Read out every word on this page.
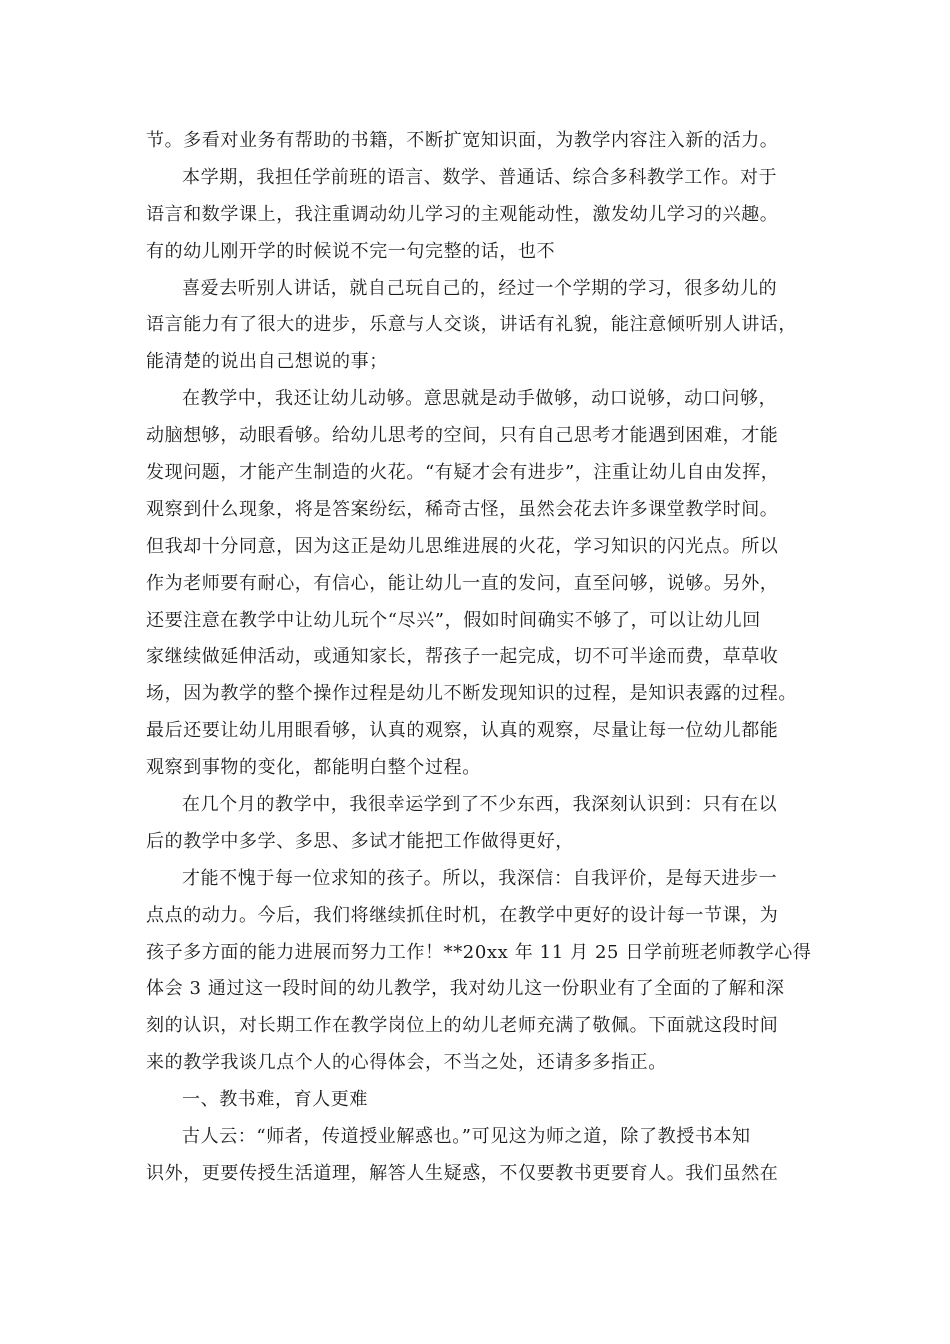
节。多看对业务有帮助的书籍，不断扩宽知识面，为教学内容注入新的活力。
本学期，我担任学前班的语言、数学、普通话、综合多科教学工作。对于
语言和数学课上，我注重调动幼儿学习的主观能动性，激发幼儿学习的兴趣。
有的幼儿刚开学的时候说不完一句完整的话，也不
喜爱去听别人讲话，就自己玩自己的，经过一个学期的学习，很多幼儿的
语言能力有了很大的进步，乐意与人交谈，讲话有礼貌，能注意倾听别人讲话，
能清楚的说出自己想说的事；
在教学中，我还让幼儿动够。意思就是动手做够，动口说够，动口问够，
动脑想够，动眼看够。给幼儿思考的空间，只有自己思考才能遇到困难，才能
发现问题，才能产生制造的火花。“有疑才会有进步”，注重让幼儿自由发挥，
观察到什么现象，将是答案纷纭，稀奇古怪，虽然会花去许多课堂教学时间。
但我却十分同意，因为这正是幼儿思维进展的火花，学习知识的闪光点。所以
作为老师要有耐心，有信心，能让幼儿一直的发问，直至问够，说够。另外，
还要注意在教学中让幼儿玩个“尽兴”，假如时间确实不够了，可以让幼儿回
家继续做延伸活动，或通知家长，帮孩子一起完成，切不可半途而费，草草收
场，因为教学的整个操作过程是幼儿不断发现知识的过程，是知识表露的过程。
最后还要让幼儿用眼看够，认真的观察，认真的观察，尽量让每一位幼儿都能
观察到事物的变化，都能明白整个过程。
在几个月的教学中，我很幸运学到了不少东西，我深刻认识到：只有在以
后的教学中多学、多思、多试才能把工作做得更好，
才能不愧于每一位求知的孩子。所以，我深信：自我评价，是每天进步一
点点的动力。今后，我们将继续抓住时机，在教学中更好的设计每一节课，为
孩子多方面的能力进展而努力工作！**20xx 年 11 月 25 日学前班老师教学心得
体会 3 通过这一段时间的幼儿教学，我对幼儿这一份职业有了全面的了解和深
刻的认识，对长期工作在教学岗位上的幼儿老师充满了敬佩。下面就这段时间
来的教学我谈几点个人的心得体会，不当之处，还请多多指正。
一、教书难，育人更难
古人云：“师者，传道授业解惑也。”可见这为师之道，除了教授书本知
识外，更要传授生活道理，解答人生疑惑，不仅要教书更要育人。我们虽然在
